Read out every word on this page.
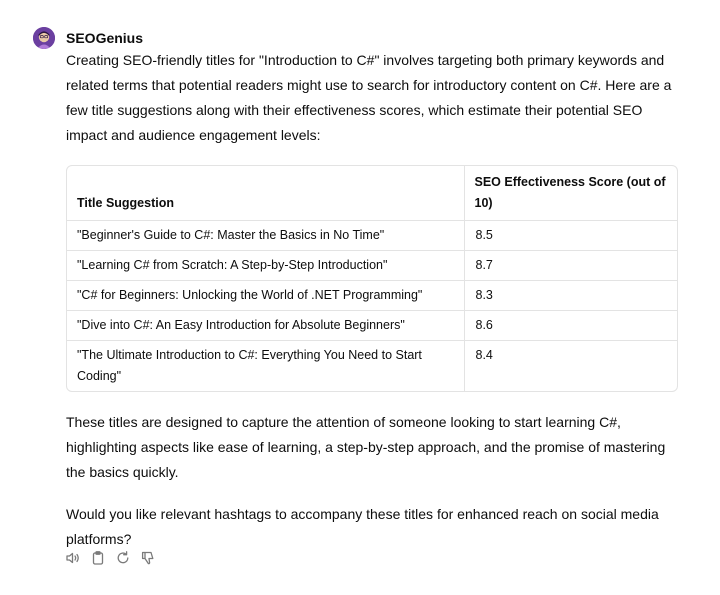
SEOGenius

Creating SEO-friendly titles for "Introduction to C#" involves targeting both primary keywords and related terms that potential readers might use to search for introductory content on C#. Here are a few title suggestions along with their effectiveness scores, which estimate their potential SEO impact and audience engagement levels:

Title Suggestion	SEO Effectiveness Score (out of 10)
"Beginner's Guide to C#: Master the Basics in No Time"	8.5
"Learning C# from Scratch: A Step-by-Step Introduction"	8.7
"C# for Beginners: Unlocking the World of .NET Programming"	8.3
"Dive into C#: An Easy Introduction for Absolute Beginners"	8.6
"The Ultimate Introduction to C#: Everything You Need to Start Coding"	8.4

These titles are designed to capture the attention of someone looking to start learning C#, highlighting aspects like ease of learning, a step-by-step approach, and the promise of mastering the basics quickly.

Would you like relevant hashtags to accompany these titles for enhanced reach on social media platforms?
